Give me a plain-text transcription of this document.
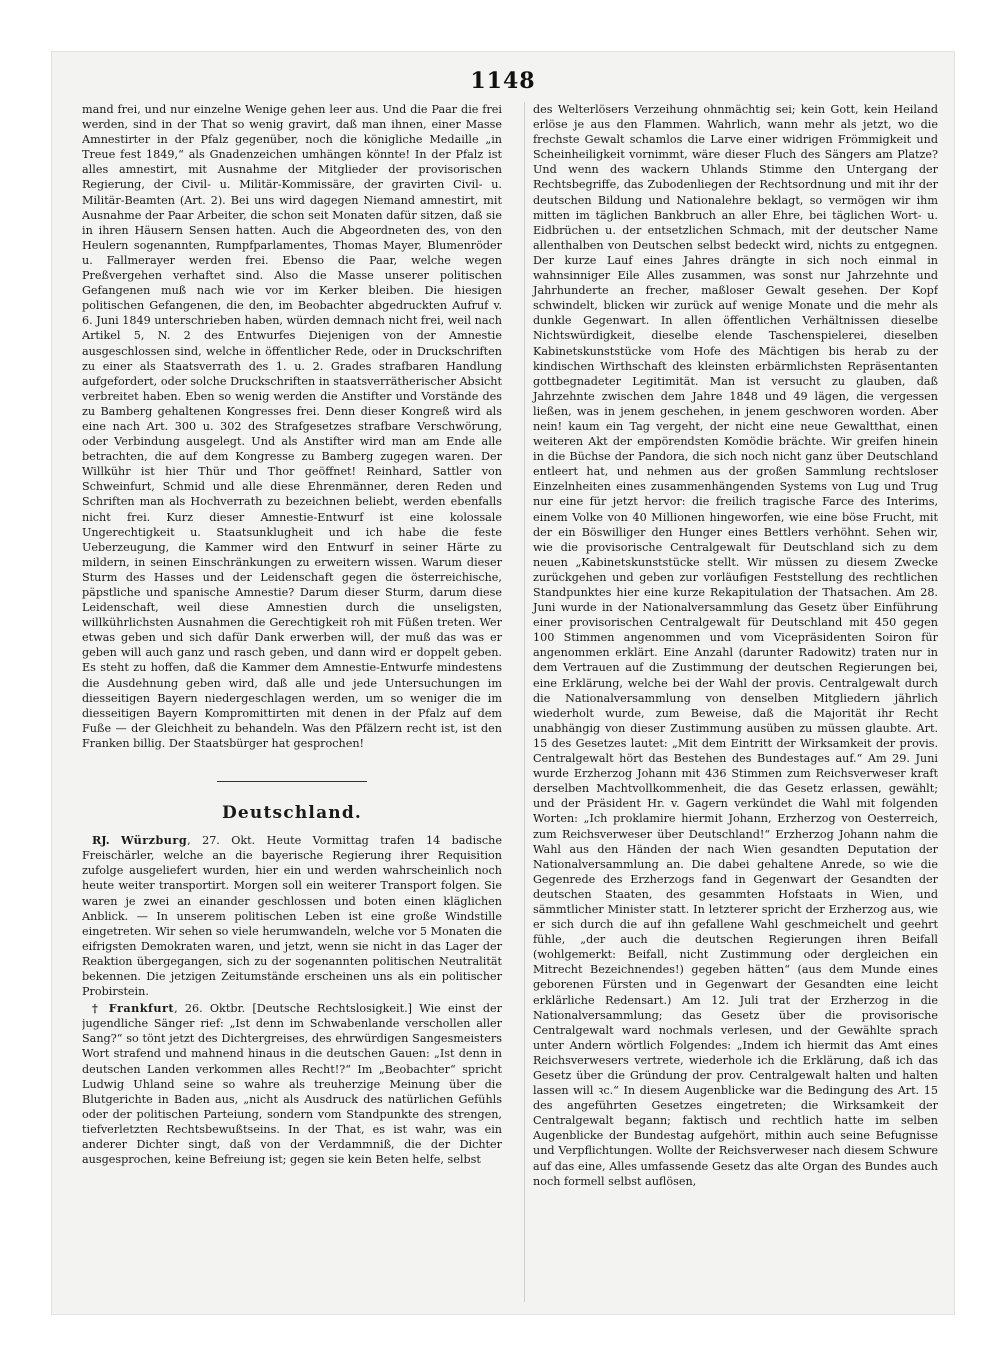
1148

mand frei, und nur einzelne Wenige gehen leer aus. Und die Paar die frei werden, sind in der That so wenig gravirt, daß man ihnen, einer Masse Amnestirter in der Pfalz gegenüber, noch die königliche Medaille „in Treue fest 1849,“ als Gnadenzeichen umhängen könnte! In der Pfalz ist alles amnestirt, mit Ausnahme der Mitglieder der provisorischen Regierung, der Civil- u. Militär-Kommissäre, der gravirten Civil- u. Militär-Beamten (Art. 2). Bei uns wird dagegen Niemand amnestirt, mit Ausnahme der Paar Arbeiter, die schon seit Monaten dafür sitzen, daß sie in ihren Häusern Sensen hatten. Auch die Abgeordneten des, von den Heulern sogenannten, Rumpfparlamentes, Thomas Mayer, Blumenröder u. Fallmerayer werden frei. Ebenso die Paar, welche wegen Preßvergehen verhaftet sind. Also die Masse unserer politischen Gefangenen muß nach wie vor im Kerker bleiben. Die hiesigen politischen Gefangenen, die den, im Beobachter abgedruckten Aufruf v. 6. Juni 1849 unterschrieben haben, würden demnach nicht frei, weil nach Artikel 5, N. 2 des Entwurfes Diejenigen von der Amnestie ausgeschlossen sind, welche in öffentlicher Rede, oder in Druckschriften zu einer als Staatsverrath des 1. u. 2. Grades strafbaren Handlung aufgefordert, oder solche Druckschriften in staatsverrätherischer Absicht verbreitet haben. Eben so wenig werden die Anstifter und Vorstände des zu Bamberg gehaltenen Kongresses frei. Denn dieser Kongreß wird als eine nach Art. 300 u. 302 des Strafgesetzes strafbare Verschwörung, oder Verbindung ausgelegt. Und als Anstifter wird man am Ende alle betrachten, die auf dem Kongresse zu Bamberg zugegen waren. Der Willkühr ist hier Thür und Thor geöffnet! Reinhard, Sattler von Schweinfurt, Schmid und alle diese Ehrenmänner, deren Reden und Schriften man als Hochverrath zu bezeichnen beliebt, werden ebenfalls nicht frei. Kurz dieser Amnestie-Entwurf ist eine kolossale Ungerechtigkeit u. Staatsunklugheit und ich habe die feste Ueberzeugung, die Kammer wird den Entwurf in seiner Härte zu mildern, in seinen Einschränkungen zu erweitern wissen. Warum dieser Sturm des Hasses und der Leidenschaft gegen die österreichische, päpstliche und spanische Amnestie? Darum dieser Sturm, darum diese Leidenschaft, weil diese Amnestien durch die unseligsten, willkührlichsten Ausnahmen die Gerechtigkeit roh mit Füßen treten. Wer etwas geben und sich dafür Dank erwerben will, der muß das was er geben will auch ganz und rasch geben, und dann wird er doppelt geben. Es steht zu hoffen, daß die Kammer dem Amnestie-Entwurfe mindestens die Ausdehnung geben wird, daß alle und jede Untersuchungen im diesseitigen Bayern niedergeschlagen werden, um so weniger die im diesseitigen Bayern Kompromittirten mit denen in der Pfalz auf dem Fuße — der Gleichheit zu behandeln. Was den Pfälzern recht ist, ist den Franken billig. Der Staatsbürger hat gesprochen!

Deutschland.

RJ. Würzburg, 27. Okt. Heute Vormittag trafen 14 badische Freischärler, welche an die bayerische Regierung ihrer Requisition zufolge ausgeliefert wurden, hier ein und werden wahrscheinlich noch heute weiter transportirt. Morgen soll ein weiterer Transport folgen. Sie waren je zwei an einander geschlossen und boten einen kläglichen Anblick. — In unserem politischen Leben ist eine große Windstille eingetreten. Wir sehen so viele herumwandeln, welche vor 5 Monaten die eifrigsten Demokraten waren, und jetzt, wenn sie nicht in das Lager der Reaktion übergegangen, sich zu der sogenannten politischen Neutralität bekennen. Die jetzigen Zeitumstände erscheinen uns als ein politischer Probirstein.

† Frankfurt, 26. Oktbr. [Deutsche Rechtslosigkeit.] Wie einst der jugendliche Sänger rief: „Ist denn im Schwabenlande verschollen aller Sang?“ so tönt jetzt des Dichtergreises, des ehrwürdigen Sangesmeisters Wort strafend und mahnend hinaus in die deutschen Gauen: „Ist denn in deutschen Landen verkommen alles Recht!?“ Im „Beobachter“ spricht Ludwig Uhland seine so wahre als treuherzige Meinung über die Blutgerichte in Baden aus, „nicht als Ausdruck des natürlichen Gefühls oder der politischen Parteiung, sondern vom Standpunkte des strengen, tiefverletzten Rechtsbewußtseins. In der That, es ist wahr, was ein anderer Dichter singt, daß von der Verdammniß, die der Dichter ausgesprochen, keine Befreiung ist; gegen sie kein Beten helfe, selbst

des Welterlösers Verzeihung ohnmächtig sei; kein Gott, kein Heiland erlöse je aus den Flammen. Wahrlich, wann mehr als jetzt, wo die frechste Gewalt schamlos die Larve einer widrigen Frömmigkeit und Scheinheiligkeit vornimmt, wäre dieser Fluch des Sängers am Platze? Und wenn des wackern Uhlands Stimme den Untergang der Rechtsbegriffe, das Zubodenliegen der Rechtsordnung und mit ihr der deutschen Bildung und Nationalehre beklagt, so vermögen wir ihm mitten im täglichen Bankbruch an aller Ehre, bei täglichen Wort- u. Eidbrüchen u. der entsetzlichen Schmach, mit der deutscher Name allenthalben von Deutschen selbst bedeckt wird, nichts zu entgegnen. Der kurze Lauf eines Jahres drängte in sich noch einmal in wahnsinniger Eile Alles zusammen, was sonst nur Jahrzehnte und Jahrhunderte an frecher, maßloser Gewalt gesehen. Der Kopf schwindelt, blicken wir zurück auf wenige Monate und die mehr als dunkle Gegenwart. In allen öffentlichen Verhältnissen dieselbe Nichtswürdigkeit, dieselbe elende Taschenspielerei, dieselben Kabinetskunststücke vom Hofe des Mächtigen bis herab zu der kindischen Wirthschaft des kleinsten erbärmlichsten Repräsentanten gottbegnadeter Legitimität. Man ist versucht zu glauben, daß Jahrzehnte zwischen dem Jahre 1848 und 49 lägen, die vergessen ließen, was in jenem geschehen, in jenem geschworen worden. Aber nein! kaum ein Tag vergeht, der nicht eine neue Gewaltthat, einen weiteren Akt der empörendsten Komödie brächte. Wir greifen hinein in die Büchse der Pandora, die sich noch nicht ganz über Deutschland entleert hat, und nehmen aus der großen Sammlung rechtsloser Einzelnheiten eines zusammenhängenden Systems von Lug und Trug nur eine für jetzt hervor: die freilich tragische Farce des Interims, einem Volke von 40 Millionen hingeworfen, wie eine böse Frucht, mit der ein Böswilliger den Hunger eines Bettlers verhöhnt. Sehen wir, wie die provisorische Centralgewalt für Deutschland sich zu dem neuen „Kabinetskunststücke stellt. Wir müssen zu diesem Zwecke zurückgehen und geben zur vorläufigen Feststellung des rechtlichen Standpunktes hier eine kurze Rekapitulation der Thatsachen. Am 28. Juni wurde in der Nationalversammlung das Gesetz über Einführung einer provisorischen Centralgewalt für Deutschland mit 450 gegen 100 Stimmen angenommen und vom Vicepräsidenten Soiron für angenommen erklärt. Eine Anzahl (darunter Radowitz) traten nur in dem Vertrauen auf die Zustimmung der deutschen Regierungen bei, eine Erklärung, welche bei der Wahl der provis. Centralgewalt durch die Nationalversammlung von denselben Mitgliedern jährlich wiederholt wurde, zum Beweise, daß die Majorität ihr Recht unabhängig von dieser Zustimmung ausüben zu müssen glaubte. Art. 15 des Gesetzes lautet: „Mit dem Eintritt der Wirksamkeit der provis. Centralgewalt hört das Bestehen des Bundestages auf.“ Am 29. Juni wurde Erzherzog Johann mit 436 Stimmen zum Reichsverweser kraft derselben Machtvollkommenheit, die das Gesetz erlassen, gewählt; und der Präsident Hr. v. Gagern verkündet die Wahl mit folgenden Worten: „Ich proklamire hiermit Johann, Erzherzog von Oesterreich, zum Reichsverweser über Deutschland!“ Erzherzog Johann nahm die Wahl aus den Händen der nach Wien gesandten Deputation der Nationalversammlung an. Die dabei gehaltene Anrede, so wie die Gegenrede des Erzherzogs fand in Gegenwart der Gesandten der deutschen Staaten, des gesammten Hofstaats in Wien, und sämmtlicher Minister statt. In letzterer spricht der Erzherzog aus, wie er sich durch die auf ihn gefallene Wahl geschmeichelt und geehrt fühle, „der auch die deutschen Regierungen ihren Beifall (wohlgemerkt: Beifall, nicht Zustimmung oder dergleichen ein Mitrecht Bezeichnendes!) gegeben hätten“ (aus dem Munde eines geborenen Fürsten und in Gegenwart der Gesandten eine leicht erklärliche Redensart.) Am 12. Juli trat der Erzherzog in die Nationalversammlung; das Gesetz über die provisorische Centralgewalt ward nochmals verlesen, und der Gewählte sprach unter Andern wörtlich Folgendes: „Indem ich hiermit das Amt eines Reichsverwesers vertrete, wiederhole ich die Erklärung, daß ich das Gesetz über die Gründung der prov. Centralgewalt halten und halten lassen will ꝛc.“ In diesem Augenblicke war die Bedingung des Art. 15 des angeführten Gesetzes eingetreten; die Wirksamkeit der Centralgewalt begann; faktisch und rechtlich hatte im selben Augenblicke der Bundestag aufgehört, mithin auch seine Befugnisse und Verpflichtungen. Wollte der Reichsverweser nach diesem Schwure auf das eine, Alles umfassende Gesetz das alte Organ des Bundes auch noch formell selbst auflösen,
